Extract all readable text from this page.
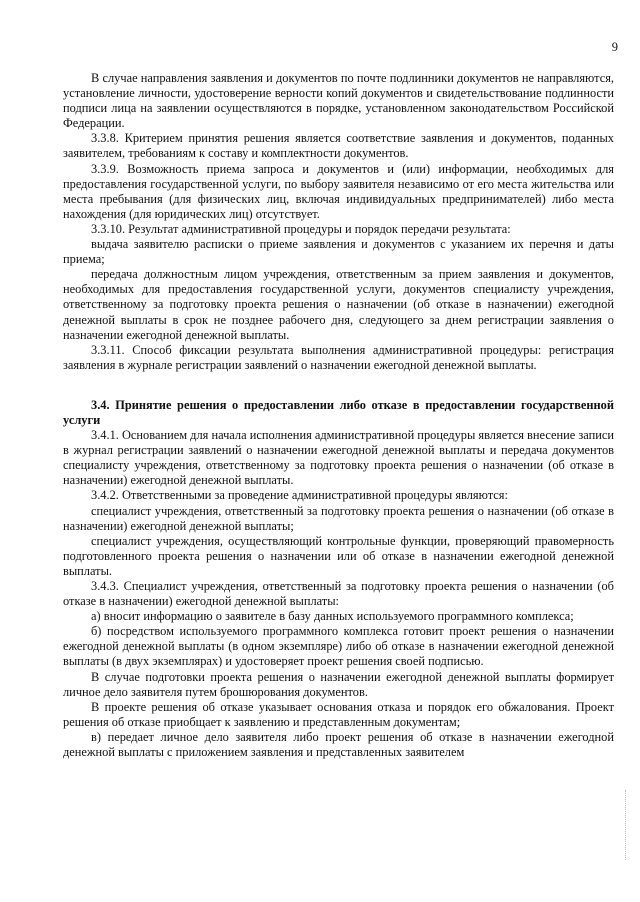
9

В случае направления заявления и документов по почте подлинники документов не направляются, установление личности, удостоверение верности копий документов и свидетельствование подлинности подписи лица на заявлении осуществляются в порядке, установленном законодательством Российской Федерации.

3.3.8. Критерием принятия решения является соответствие заявления и документов, поданных заявителем, требованиям к составу и комплектности документов.

3.3.9. Возможность приема запроса и документов и (или) информации, необходимых для предоставления государственной услуги, по выбору заявителя независимо от его места жительства или места пребывания (для физических лиц, включая индивидуальных предпринимателей) либо места нахождения (для юридических лиц) отсутствует.

3.3.10. Результат административной процедуры и порядок передачи результата:

выдача заявителю расписки о приеме заявления и документов с указанием их перечня и даты приема;

передача должностным лицом учреждения, ответственным за прием заявления и документов, необходимых для предоставления государственной услуги, документов специалисту учреждения, ответственному за подготовку проекта решения о назначении (об отказе в назначении) ежегодной денежной выплаты в срок не позднее рабочего дня, следующего за днем регистрации заявления о назначении ежегодной денежной выплаты.

3.3.11. Способ фиксации результата выполнения административной процедуры: регистрация заявления в журнале регистрации заявлений о назначении ежегодной денежной выплаты.

3.4. Принятие решения о предоставлении либо отказе в предоставлении государственной услуги

3.4.1. Основанием для начала исполнения административной процедуры является внесение записи в журнал регистрации заявлений о назначении ежегодной денежной выплаты и передача документов специалисту учреждения, ответственному за подготовку проекта решения о назначении (об отказе в назначении) ежегодной денежной выплаты.

3.4.2. Ответственными за проведение административной процедуры являются:

специалист учреждения, ответственный за подготовку проекта решения о назначении (об отказе в назначении) ежегодной денежной выплаты;

специалист учреждения, осуществляющий контрольные функции, проверяющий правомерность подготовленного проекта решения о назначении или об отказе в назначении ежегодной денежной выплаты.

3.4.3. Специалист учреждения, ответственный за подготовку проекта решения о назначении (об отказе в назначении) ежегодной денежной выплаты:

а) вносит информацию о заявителе в базу данных используемого программного комплекса;

б) посредством используемого программного комплекса готовит проект решения о назначении ежегодной денежной выплаты (в одном экземпляре) либо об отказе в назначении ежегодной денежной выплаты (в двух экземплярах) и удостоверяет проект решения своей подписью.

В случае подготовки проекта решения о назначении ежегодной денежной выплаты формирует личное дело заявителя путем брошюрования документов.

В проекте решения об отказе указывает основания отказа и порядок его обжалования. Проект решения об отказе приобщает к заявлению и представленным документам;

в) передает личное дело заявителя либо проект решения об отказе в назначении ежегодной денежной выплаты с приложением заявления и представленных заявителем
